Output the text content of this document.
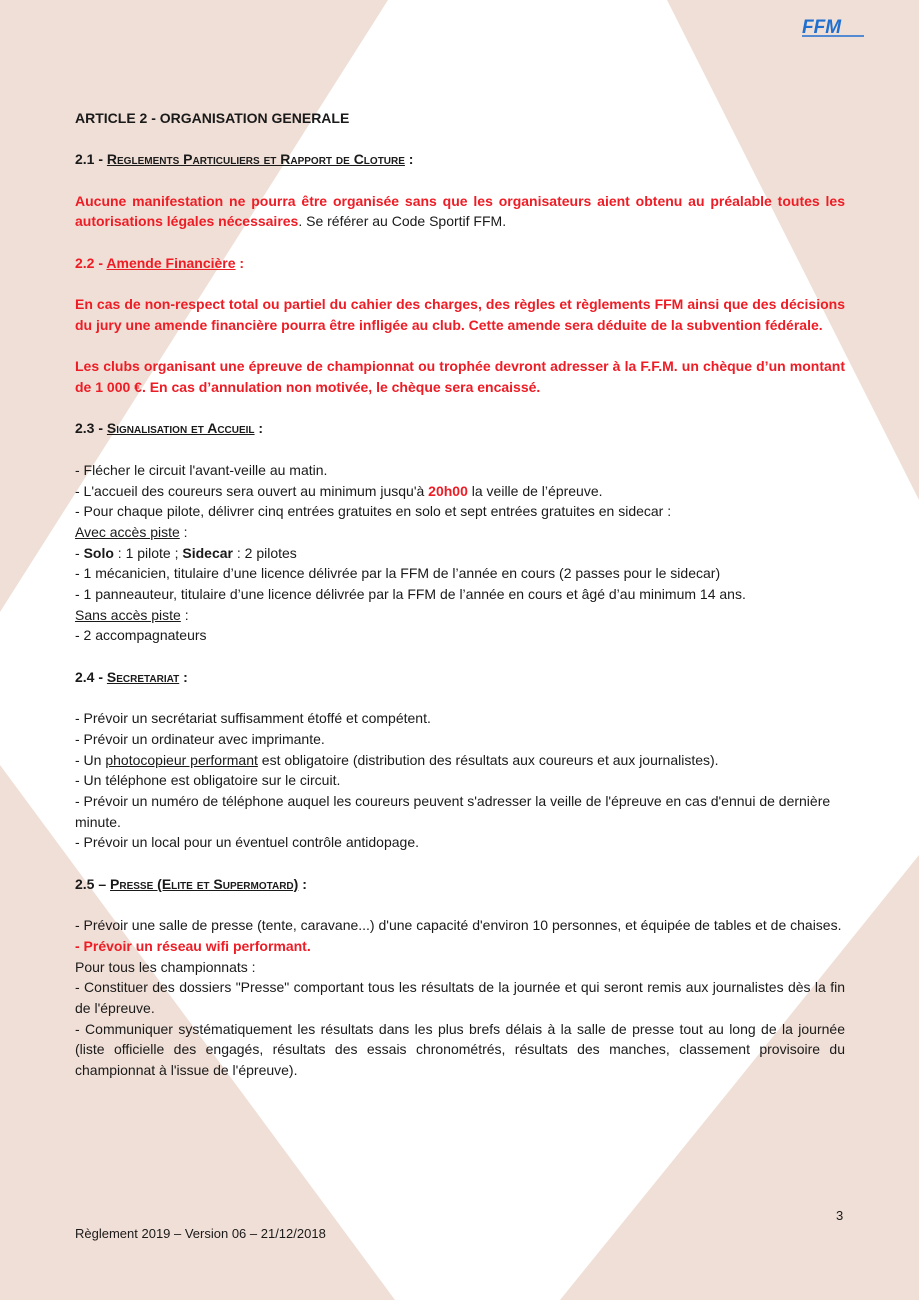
FFM

ARTICLE 2 - ORGANISATION GENERALE

2.1 - Reglements Particuliers et Rapport de Cloture :

Aucune manifestation ne pourra être organisée sans que les organisateurs aient obtenu au préalable toutes les autorisations légales nécessaires. Se référer au Code Sportif FFM.

2.2 - Amende Financière :

En cas de non-respect total ou partiel du cahier des charges, des règles et règlements FFM ainsi que des décisions du jury une amende financière pourra être infligée au club. Cette amende sera déduite de la subvention fédérale.

Les clubs organisant une épreuve de championnat ou trophée devront adresser à la F.F.M. un chèque d’un montant de 1 000 €. En cas d’annulation non motivée, le chèque sera encaissé.

2.3 - Signalisation et Accueil :

- Flécher le circuit l'avant-veille au matin.

- L'accueil des coureurs sera ouvert au minimum jusqu'à 20h00 la veille de l’épreuve.

- Pour chaque pilote, délivrer cinq entrées gratuites en solo et sept entrées gratuites en sidecar :

Avec accès piste :

- Solo : 1 pilote ; Sidecar : 2 pilotes

- 1 mécanicien, titulaire d’une licence délivrée par la FFM de l’année en cours (2 passes pour le sidecar)

- 1 panneauteur, titulaire d’une licence délivrée par la FFM de l’année en cours et âgé d’au minimum 14 ans.

Sans accès piste :

- 2 accompagnateurs

2.4 - Secretariat :

- Prévoir un secrétariat suffisamment étoffé et compétent.

- Prévoir un ordinateur avec imprimante.

- Un photocopieur performant est obligatoire (distribution des résultats aux coureurs et aux journalistes).

- Un téléphone est obligatoire sur le circuit.

- Prévoir un numéro de téléphone auquel les coureurs peuvent s'adresser la veille de l'épreuve en cas d'ennui de dernière minute.

- Prévoir un local pour un éventuel contrôle antidopage.

2.5 – Presse (Elite et Supermotard) :

- Prévoir une salle de presse (tente, caravane...) d'une capacité d'environ 10 personnes, et équipée de tables et de chaises.

- Prévoir un réseau wifi performant.

Pour tous les championnats :

- Constituer des dossiers "Presse" comportant tous les résultats de la journée et qui seront remis aux journalistes dès la fin de l'épreuve.

- Communiquer systématiquement les résultats dans les plus brefs délais à la salle de presse tout au long de la journée (liste officielle des engagés, résultats des essais chronométrés, résultats des manches, classement provisoire du championnat à l'issue de l'épreuve).

3
Règlement 2019 – Version 06 – 21/12/2018
